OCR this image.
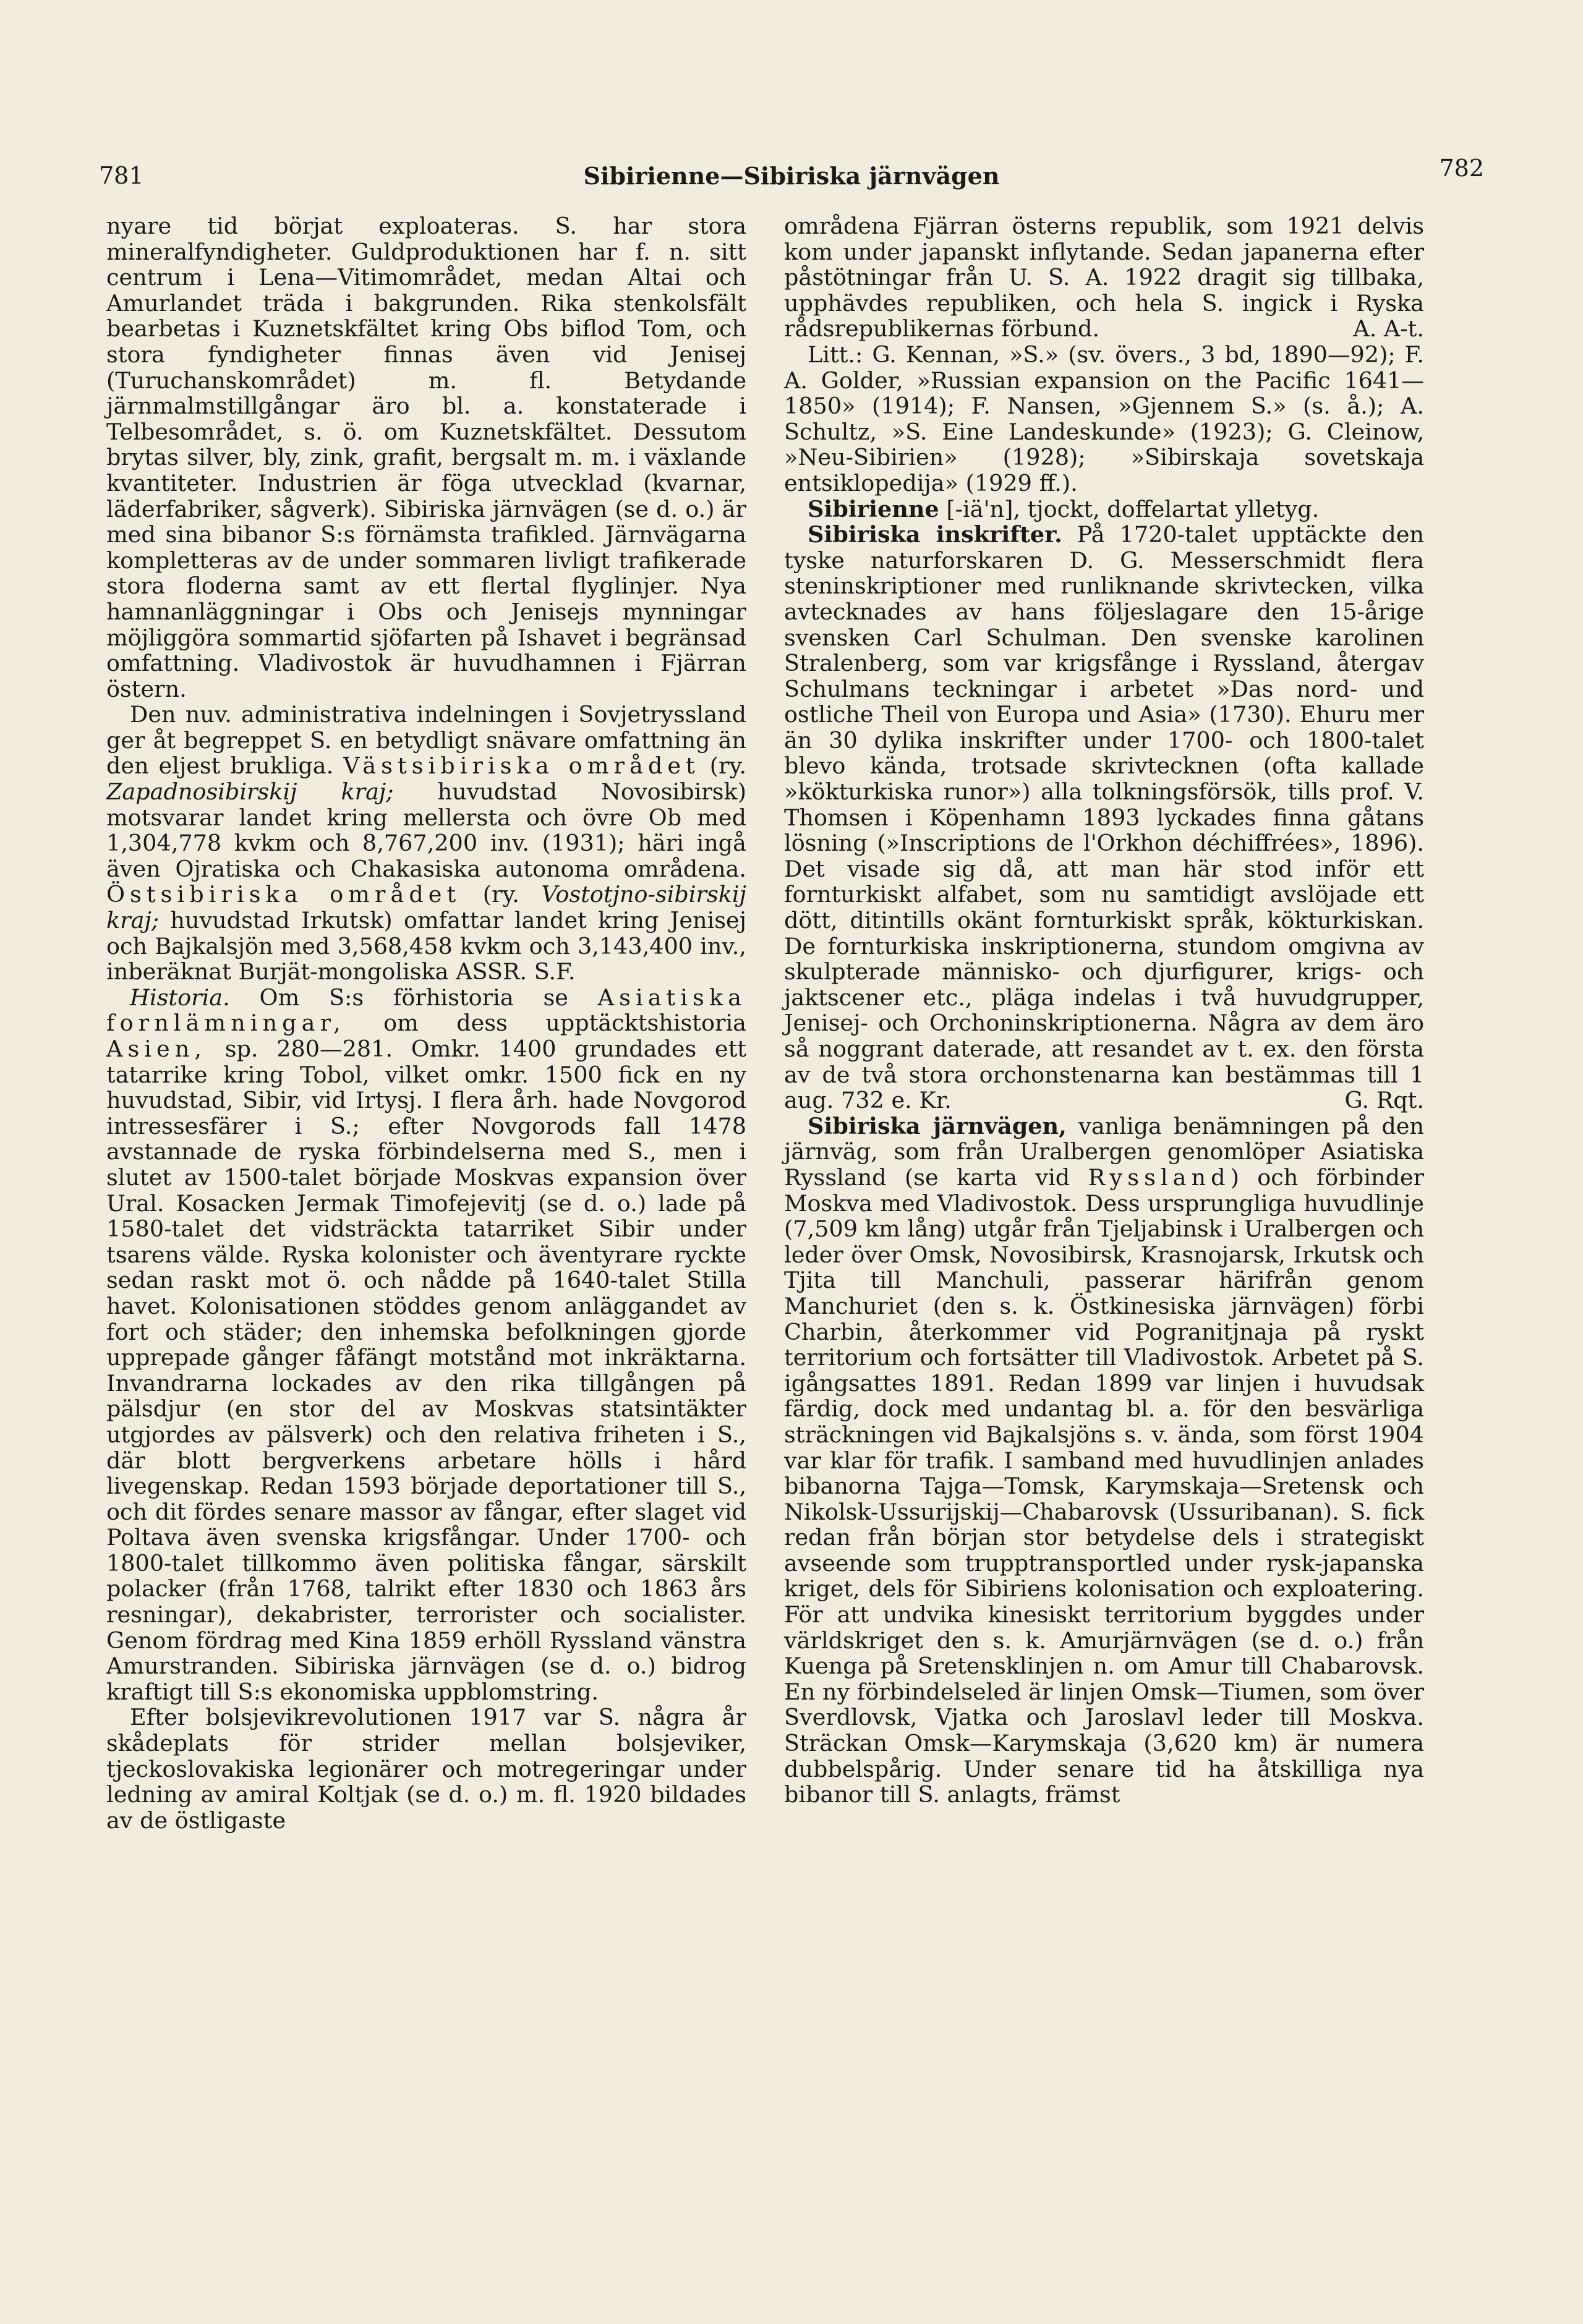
781	Sibirienne—Sibiriska järnvägen	782

nyare tid börjat exploateras. S. har stora mineralfyndigheter. Guldproduktionen har f. n. sitt centrum i Lena—Vitimområdet, medan Altai och Amurlandet träda i bakgrunden. Rika stenkolsfält bearbetas i Kuznetskfältet kring Obs biflod Tom, och stora fyndigheter finnas även vid Jenisej (Turuchanskområdet) m. fl. Betydande järnmalmstillgångar äro bl. a. konstaterade i Telbesområdet, s. ö. om Kuznetskfältet. Dessutom brytas silver, bly, zink, grafit, bergsalt m. m. i växlande kvantiteter. Industrien är föga utvecklad (kvarnar, läderfabriker, sågverk). Sibiriska järnvägen (se d. o.) är med sina bibanor S:s förnämsta trafikled. Järnvägarna kompletteras av de under sommaren livligt trafikerade stora floderna samt av ett flertal flyglinjer. Nya hamnanläggningar i Obs och Jenisejs mynningar möjliggöra sommartid sjöfarten på Ishavet i begränsad omfattning. Vladivostok är huvudhamnen i Fjärran östern.

Den nuv. administrativa indelningen i Sovjetryssland ger åt begreppet S. en betydligt snävare omfattning än den eljest brukliga. Västsibiriska området (ry. Zapadnosibirskij kraj; huvudstad Novosibirsk) motsvarar landet kring mellersta och övre Ob med 1,304,778 kvkm och 8,767,200 inv. (1931); häri ingå även Ojratiska och Chakasiska autonoma områdena. Östsibiriska området (ry. Vostotjno-sibirskij kraj; huvudstad Irkutsk) omfattar landet kring Jenisej och Bajkalsjön med 3,568,458 kvkm och 3,143,400 inv., inberäknat Burjät-mongoliska ASSR. S.F.

Historia. Om S:s förhistoria se Asiatiska fornlämningar, om dess upptäcktshistoria Asien, sp. 280—281. Omkr. 1400 grundades ett tatarrike kring Tobol, vilket omkr. 1500 fick en ny huvudstad, Sibir, vid Irtysj. I flera årh. hade Novgorod intressesfärer i S.; efter Novgorods fall 1478 avstannade de ryska förbindelserna med S., men i slutet av 1500-talet började Moskvas expansion över Ural. Kosacken Jermak Timofejevitj (se d. o.) lade på 1580-talet det vidsträckta tatarriket Sibir under tsarens välde. Ryska kolonister och äventyrare ryckte sedan raskt mot ö. och nådde på 1640-talet Stilla havet. Kolonisationen stöddes genom anläggandet av fort och städer; den inhemska befolkningen gjorde upprepade gånger fåfängt motstånd mot inkräktarna. Invandrarna lockades av den rika tillgången på pälsdjur (en stor del av Moskvas statsintäkter utgjordes av pälsverk) och den relativa friheten i S., där blott bergverkens arbetare hölls i hård livegenskap. Redan 1593 började deportationer till S., och dit fördes senare massor av fångar, efter slaget vid Poltava även svenska krigsfångar. Under 1700- och 1800-talet tillkommo även politiska fångar, särskilt polacker (från 1768, talrikt efter 1830 och 1863 års resningar), dekabrister, terrorister och socialister. Genom fördrag med Kina 1859 erhöll Ryssland vänstra Amurstranden. Sibiriska järnvägen (se d. o.) bidrog kraftigt till S:s ekonomiska uppblomstring.

Efter bolsjevikrevolutionen 1917 var S. några år skådeplats för strider mellan bolsjeviker, tjeckoslovakiska legionärer och motregeringar under ledning av amiral Koltjak (se d. o.) m. fl. 1920 bildades av de östligaste

områdena Fjärran österns republik, som 1921 delvis kom under japanskt inflytande. Sedan japanerna efter påstötningar från U. S. A. 1922 dragit sig tillbaka, upphävdes republiken, och hela S. ingick i Ryska rådsrepublikernas förbund.	A. A-t.

Litt.: G. Kennan, »S.» (sv. övers., 3 bd, 1890—92); F. A. Golder, »Russian expansion on the Pacific 1641—1850» (1914); F. Nansen, »Gjennem S.» (s. å.); A. Schultz, »S. Eine Landeskunde» (1923); G. Cleinow, »Neu-Sibirien» (1928); »Sibirskaja sovetskaja entsiklopedija» (1929 ff.).

Sibirienne [-iä'n], tjockt, doffelartat ylletyg.

Sibiriska inskrifter. På 1720-talet upptäckte den tyske naturforskaren D. G. Messerschmidt flera steninskriptioner med runliknande skrivtecken, vilka avtecknades av hans följeslagare den 15-årige svensken Carl Schulman. Den svenske karolinen Stralenberg, som var krigsfånge i Ryssland, återgav Schulmans teckningar i arbetet »Das nord- und ostliche Theil von Europa und Asia» (1730). Ehuru mer än 30 dylika inskrifter under 1700- och 1800-talet blevo kända, trotsade skrivtecknen (ofta kallade »kökturkiska runor») alla tolkningsförsök, tills prof. V. Thomsen i Köpenhamn 1893 lyckades finna gåtans lösning (»Inscriptions de l'Orkhon déchiffrées», 1896). Det visade sig då, att man här stod inför ett fornturkiskt alfabet, som nu samtidigt avslöjade ett dött, ditintills okänt fornturkiskt språk, kökturkiskan. De fornturkiska inskriptionerna, stundom omgivna av skulpterade människo- och djurfigurer, krigs- och jaktscener etc., pläga indelas i två huvudgrupper, Jenisej- och Orchoninskriptionerna. Några av dem äro så noggrant daterade, att resandet av t. ex. den första av de två stora orchonstenarna kan bestämmas till 1 aug. 732 e. Kr.	G. Rqt.

Sibiriska järnvägen, vanliga benämningen på den järnväg, som från Uralbergen genomlöper Asiatiska Ryssland (se karta vid Ryssland) och förbinder Moskva med Vladivostok. Dess ursprungliga huvudlinje (7,509 km lång) utgår från Tjeljabinsk i Uralbergen och leder över Omsk, Novosibirsk, Krasnojarsk, Irkutsk och Tjita till Manchuli, passerar härifrån genom Manchuriet (den s. k. Östkinesiska järnvägen) förbi Charbin, återkommer vid Pogranitjnaja på ryskt territorium och fortsätter till Vladivostok. Arbetet på S. igångsattes 1891. Redan 1899 var linjen i huvudsak färdig, dock med undantag bl. a. för den besvärliga sträckningen vid Bajkalsjöns s. v. ända, som först 1904 var klar för trafik. I samband med huvudlinjen anlades bibanorna Tajga—Tomsk, Karymskaja—Sretensk och Nikolsk-Ussurijskij—Chabarovsk (Ussuribanan). S. fick redan från början stor betydelse dels i strategiskt avseende som trupptransportled under rysk-japanska kriget, dels för Sibiriens kolonisation och exploatering. För att undvika kinesiskt territorium byggdes under världskriget den s. k. Amurjärnvägen (se d. o.) från Kuenga på Sretensklinjen n. om Amur till Chabarovsk. En ny förbindelseled är linjen Omsk—Tiumen, som över Sverdlovsk, Vjatka och Jaroslavl leder till Moskva. Sträckan Omsk—Karymskaja (3,620 km) är numera dubbelspårig. Under senare tid ha åtskilliga nya bibanor till S. anlagts, främst
